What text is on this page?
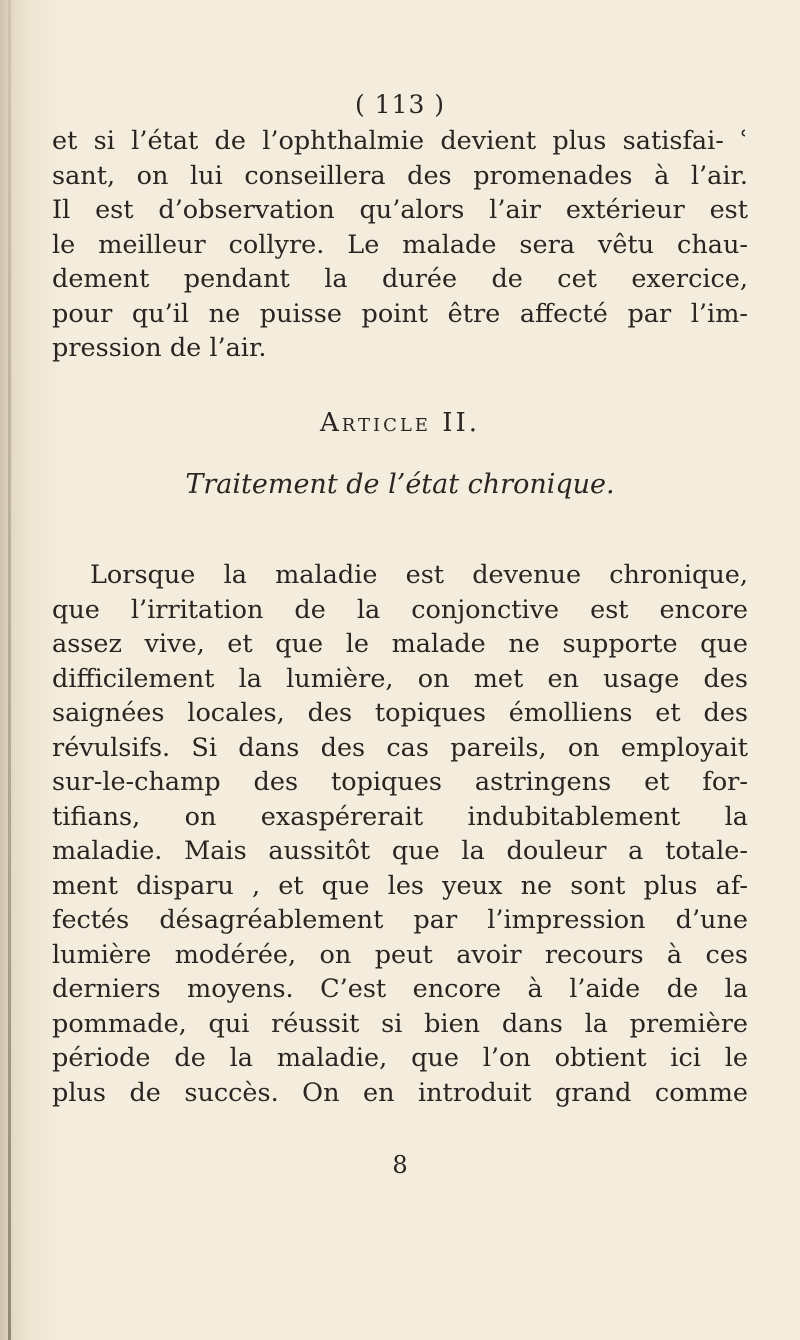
( 113 )
et si l’état de l’ophthalmie devient plus satisfai- ʿ
sant, on lui conseillera des promenades à l’air.
Il est d’observation qu’alors l’air extérieur est
le meilleur collyre. Le malade sera vêtu chau-
dement pendant la durée de cet exercice,
pour qu’il ne puisse point être affecté par l’im-
pression de l’air.
Article II.
Traitement de l’état chronique.
Lorsque la maladie est devenue chronique,
que l’irritation de la conjonctive est encore
assez vive, et que le malade ne supporte que
difficilement la lumière, on met en usage des
saignées locales, des topiques émolliens et des
révulsifs. Si dans des cas pareils, on employait
sur-le-champ des topiques astringens et for-
tifians, on exaspérerait indubitablement la
maladie. Mais aussitôt que la douleur a totale-
ment disparu , et que les yeux ne sont plus af-
fectés désagréablement par l’impression d’une
lumière modérée, on peut avoir recours à ces
derniers moyens. C’est encore à l’aide de la
pommade, qui réussit si bien dans la première
période de la maladie, que l’on obtient ici le
plus de succès. On en introduit grand comme
8
